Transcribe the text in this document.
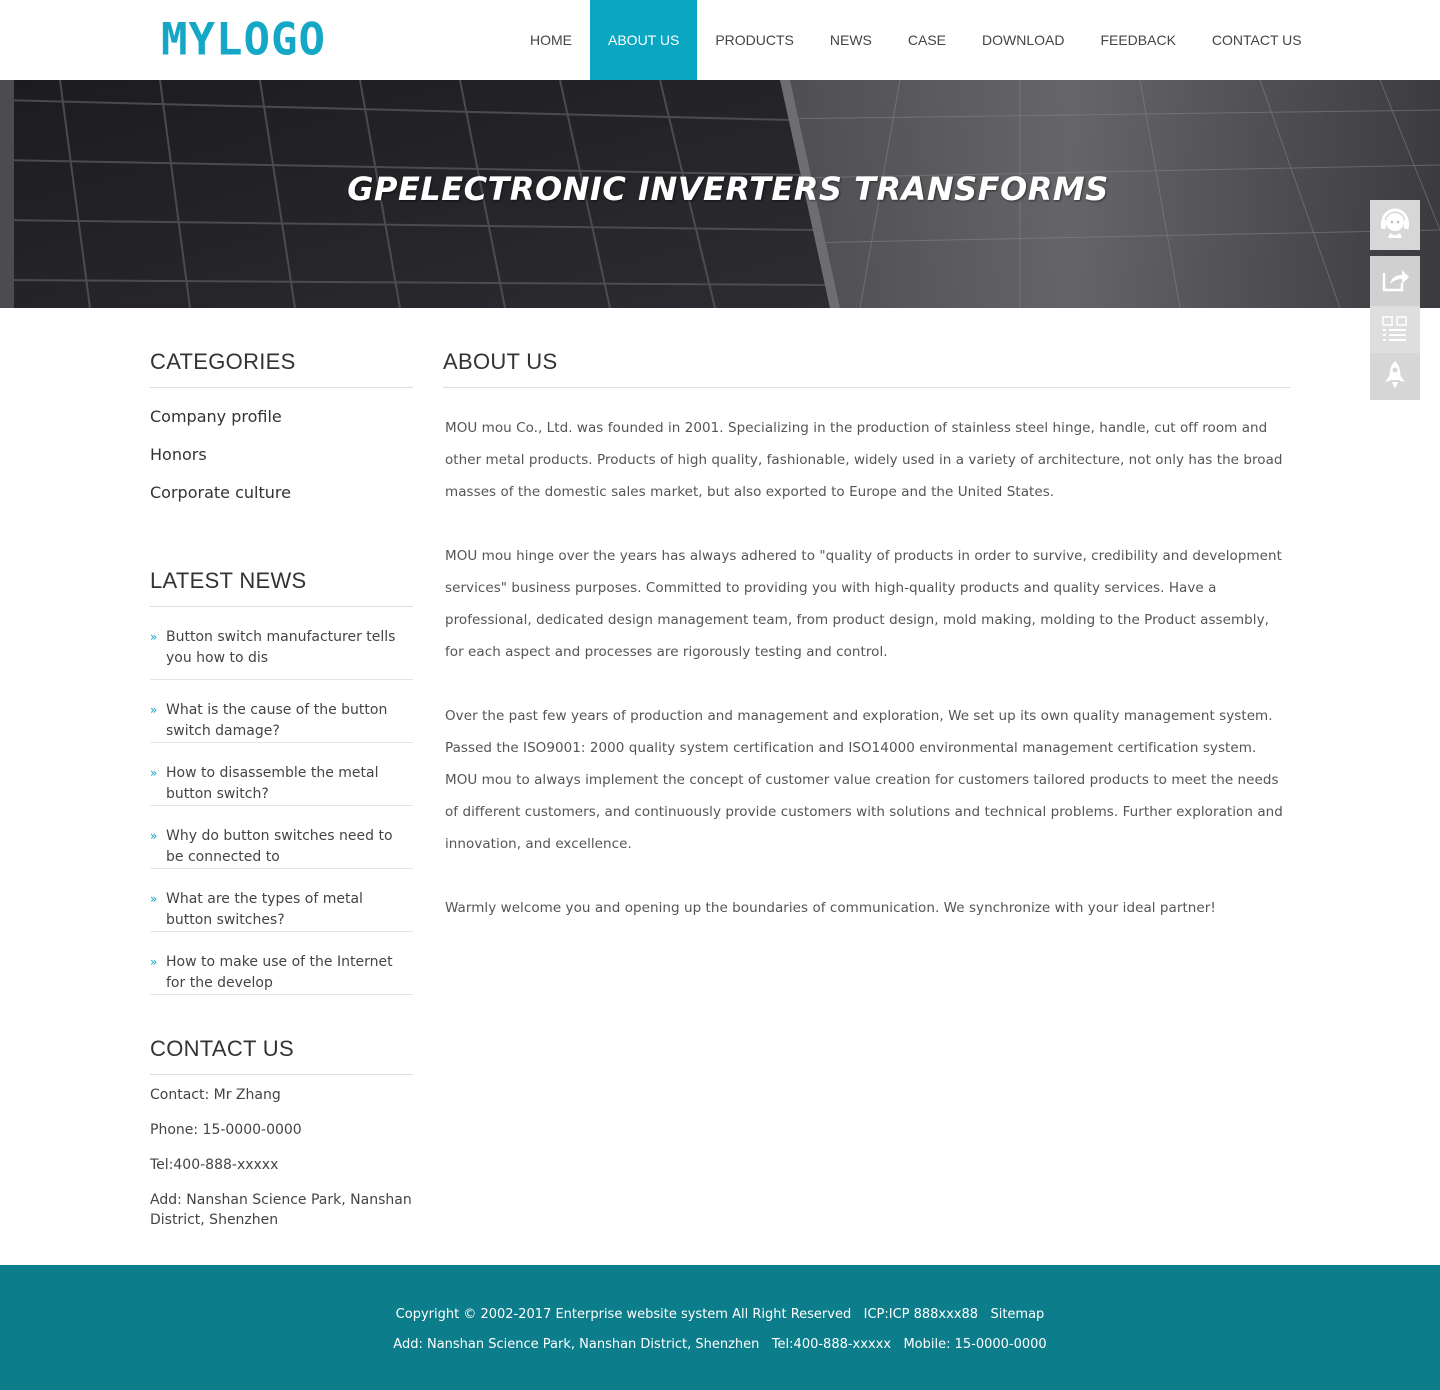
MYLOGO	HOME	ABOUT US	PRODUCTS	NEWS	CASE	DOWNLOAD	FEEDBACK	CONTACT US
GPELECTRONIC INVERTERS TRANSFORMS
CATEGORIES
Company profile
Honors
Corporate culture
LATEST NEWS
» Button switch manufacturer tells you how to dis
» What is the cause of the button switch damage?
» How to disassemble the metal button switch?
» Why do button switches need to be connected to
» What are the types of metal button switches?
» How to make use of the Internet for the develop
CONTACT US
Contact: Mr Zhang
Phone: 15-0000-0000
Tel:400-888-xxxxx
Add: Nanshan Science Park, Nanshan District, Shenzhen
ABOUT US

MOU mou Co., Ltd. was founded in 2001. Specializing in the production of stainless steel hinge, handle, cut off room and other metal products. Products of high quality, fashionable, widely used in a variety of architecture, not only has the broad masses of the domestic sales market, but also exported to Europe and the United States.

MOU mou hinge over the years has always adhered to "quality of products in order to survive, credibility and development services" business purposes. Committed to providing you with high-quality products and quality services. Have a professional, dedicated design management team, from product design, mold making, molding to the Product assembly, for each aspect and processes are rigorously testing and control.

Over the past few years of production and management and exploration, We set up its own quality management system. Passed the ISO9001: 2000 quality system certification and ISO14000 environmental management certification system. MOU mou to always implement the concept of customer value creation for customers tailored products to meet the needs of different customers, and continuously provide customers with solutions and technical problems. Further exploration and innovation, and excellence.

Warmly welcome you and opening up the boundaries of communication. We synchronize with your ideal partner!

Copyright © 2002-2017 Enterprise website system All Right Reserved ICP:ICP 888xxx88 Sitemap
Add: Nanshan Science Park, Nanshan District, Shenzhen Tel:400-888-xxxxx Mobile: 15-0000-0000
